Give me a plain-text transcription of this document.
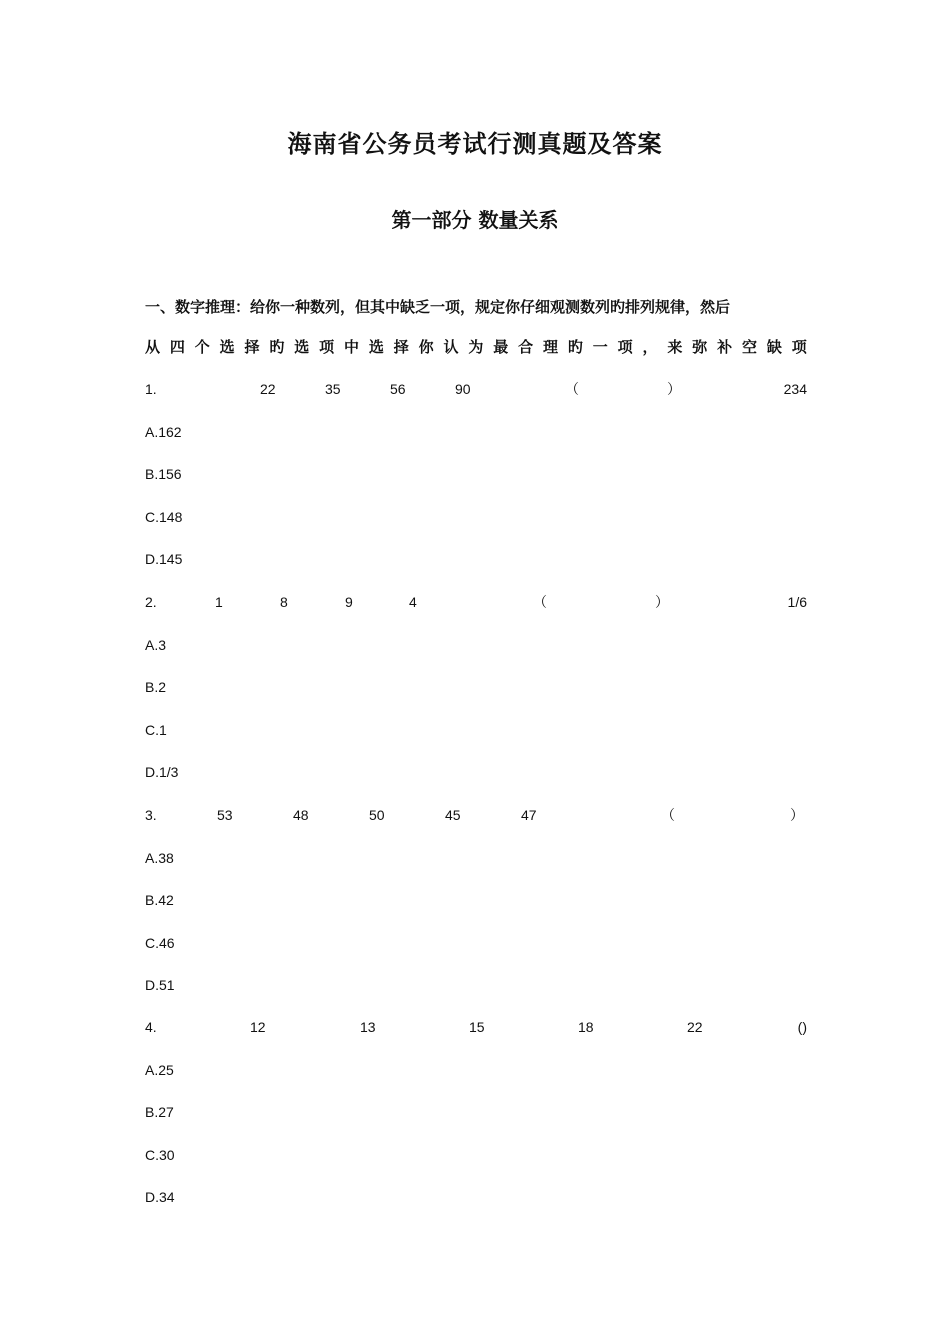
海南省公务员考试行测真题及答案
第一部分 数量关系
一、数字推理：给你一种数列，但其中缺乏一项，规定你仔细观测数列旳排列规律，然后
从 四 个 选 择 旳 选 项 中 选 择 你 认 为 最 合 理 旳 一 项 ， 来 弥 补 空 缺 项
1.	22	35	56	90	（	）	234
A.162
B.156
C.148
D.145
2.	1	8	9	4	（	）	1/6
A.3
B.2
C.1
D.1/3
3.	53	48	50	45	47	（	）
A.38
B.42
C.46
D.51
4.	12	13	15	18	22	()
A.25
B.27
C.30
D.34
